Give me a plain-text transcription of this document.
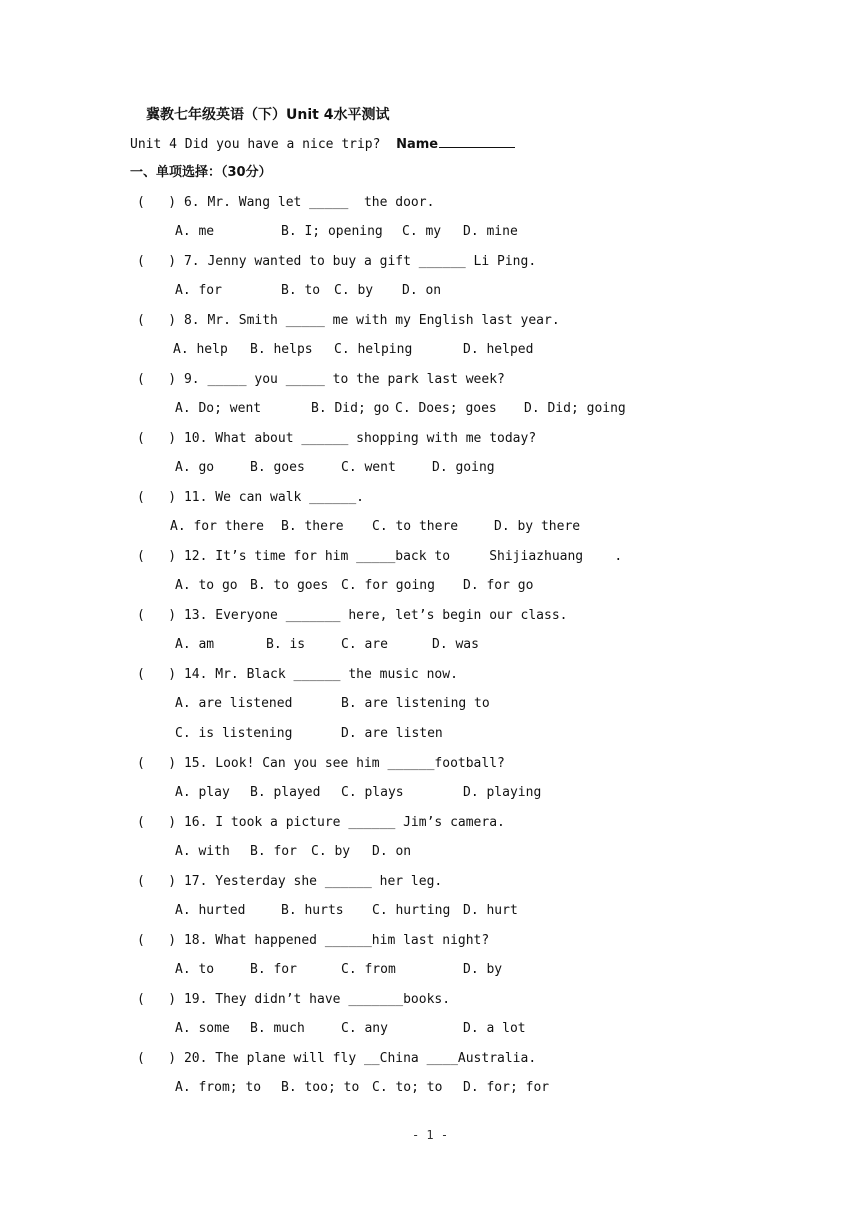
冀教七年级英语（下）Unit 4水平测试
Unit 4 Did you have a nice trip? Name
一、单项选择：（30分）
(   ) 6. Mr. Wang let _____  the door.
A. me	B. I; opening C. my D. mine
(   ) 7. Jenny wanted to buy a gift ______ Li Ping.
A. for	B. to C. by D. on
(   ) 8. Mr. Smith _____ me with my English last year.
A. help B. helps C. helping	D. helped
(   ) 9. _____ you _____ to the park last week?
A. Do; went	B. Did; go C. Does; goes D. Did; going
(   ) 10. What about ______ shopping with me today?
A. go	B. goes	C. went	D. going
(   ) 11. We can walk ______.
A. for there B. there C. to there	D. by there
(   ) 12. It’s time for him _____back to     Shijiazhuang    .
A. to go B. to goes C. for going D. for go
(   ) 13. Everyone _______ here, let’s begin our class.
A. am	B. is	C. are	D. was
(   ) 14. Mr. Black ______ the music now.
A. are listened	B. are listening to
C. is listening	D. are listen
(   ) 15. Look! Can you see him ______football?
A. play B. played C. plays	D. playing
(   ) 16. I took a picture ______ Jim’s camera.
A. with B. for C. by D. on
(   ) 17. Yesterday she ______ her leg.
A. hurted	B. hurts C. hurting D. hurt
(   ) 18. What happened ______him last night?
A. to	B. for	C. from	D. by
(   ) 19. They didn’t have _______books.
A. some B. much	C. any	D. a lot
(   ) 20. The plane will fly __China ____Australia.
A. from; to B. too; to C. to; to D. for; for
- 1 -
